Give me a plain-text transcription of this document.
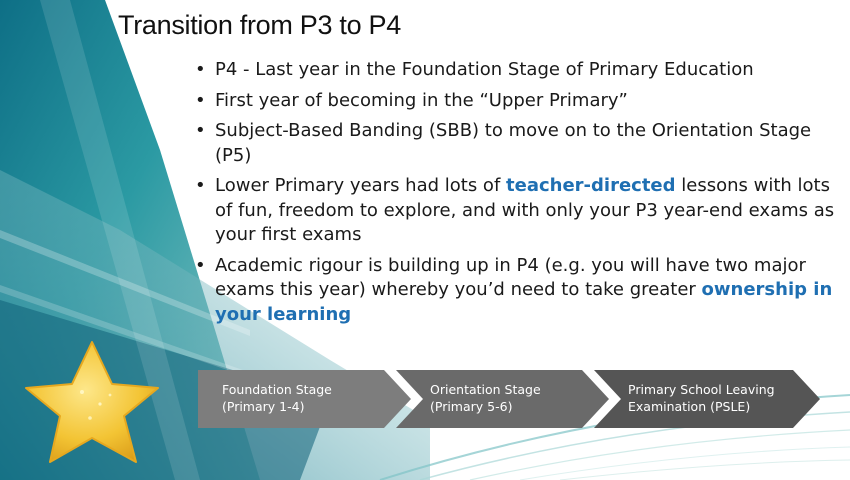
Transition from P3 to P4
• P4 - Last year in the Foundation Stage of Primary Education
• First year of becoming in the “Upper Primary”
• Subject-Based Banding (SBB) to move on to the Orientation Stage (P5)
• Lower Primary years had lots of teacher-directed lessons with lots of fun, freedom to explore, and with only your P3 year-end exams as your first exams
• Academic rigour is building up in P4 (e.g. you will have two major exams this year) whereby you’d need to take greater ownership in your learning
Foundation Stage
(Primary 1-4)
Orientation Stage
(Primary 5-6)
Primary School Leaving
Examination (PSLE)
